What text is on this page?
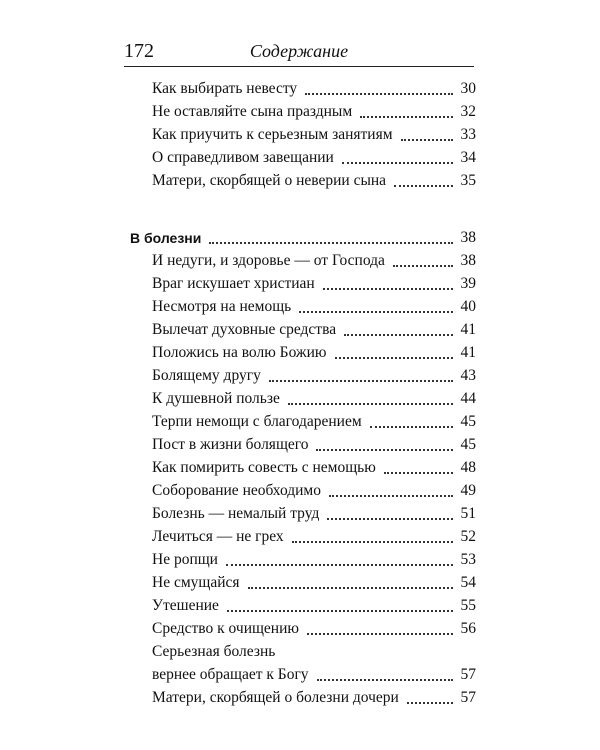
172	Содержание
Как выбирать невесту	30
Не оставляйте сына праздным	32
Как приучить к серьезным занятиям	33
О справедливом завещании	34
Матери, скорбящей о неверии сына	35
В болезни	38
И недуги, и здоровье — от Господа	38
Враг искушает христиан	39
Несмотря на немощь	40
Вылечат духовные средства	41
Положись на волю Божию	41
Болящему другу	43
К душевной пользе	44
Терпи немощи с благодарением	45
Пост в жизни болящего	45
Как помирить совесть с немощью	48
Соборование необходимо	49
Болезнь — немалый труд	51
Лечиться — не грех	52
Не ропщи	53
Не смущайся	54
Утешение	55
Средство к очищению	56
Серьезная болезнь
вернее обращает к Богу	57
Матери, скорбящей о болезни дочери	57
